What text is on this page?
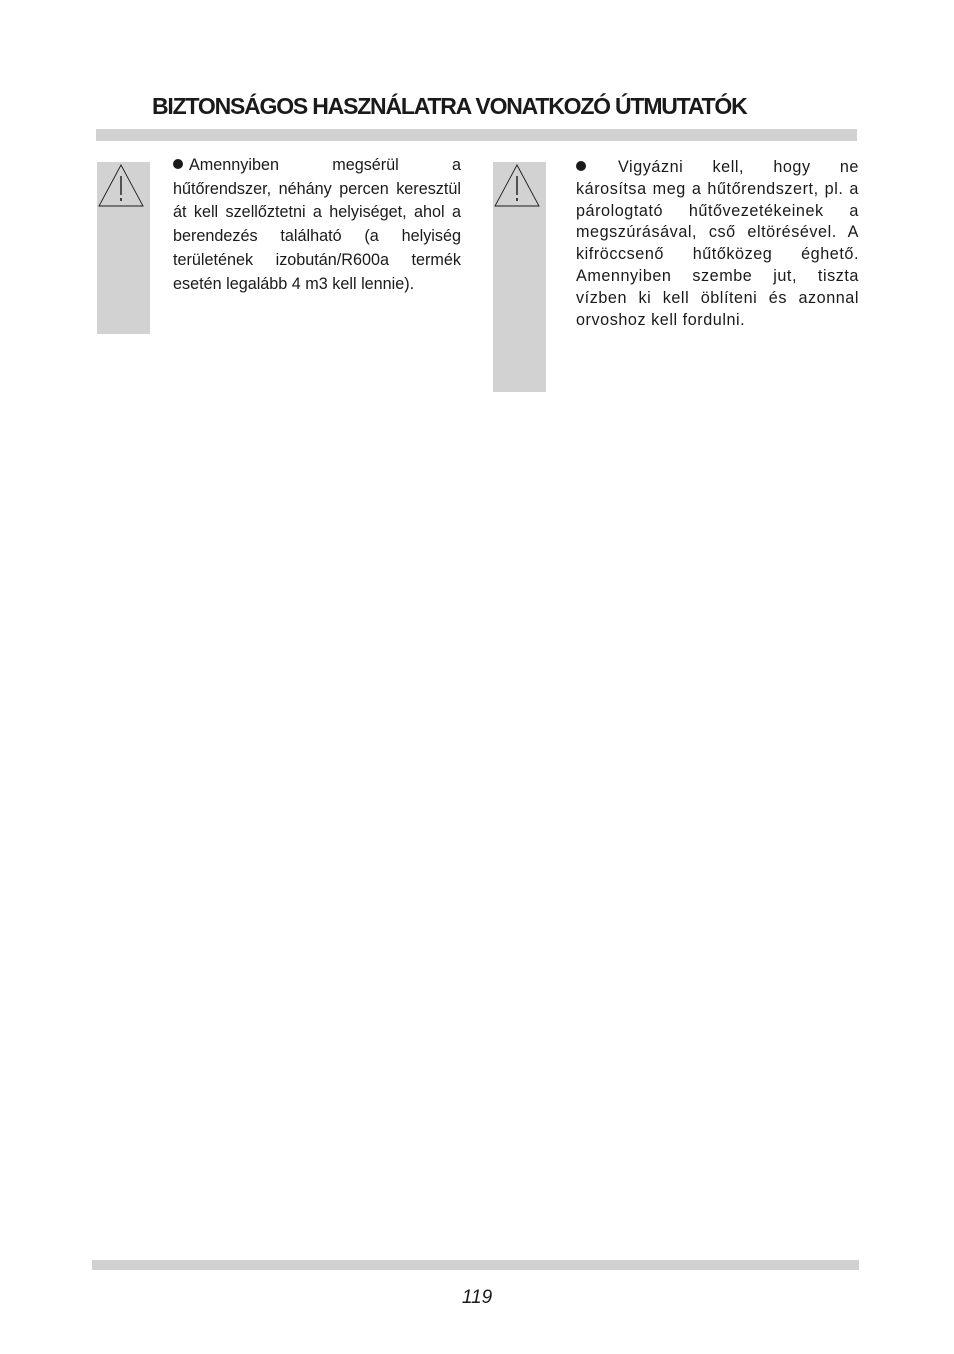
BIZTONSÁGOS HASZNÁLATRA VONATKOZÓ ÚTMUTATÓK

Amennyiben megsérül a hűtőrendszer, néhány percen keresztül át kell szellőztetni a helyiséget, ahol a berendezés található (a helyiség területének izobután/R600a termék esetén legalább 4 m3 kell lennie).

Vigyázni kell, hogy ne károsítsa meg a hűtőrendszert, pl. a párologtató hűtővezetékeinek a megszúrásával, cső eltörésével. A kifröccsenő hűtőközeg éghető. Amennyiben szembe jut, tiszta vízben ki kell öblíteni és azonnal orvoshoz kell fordulni.

119
